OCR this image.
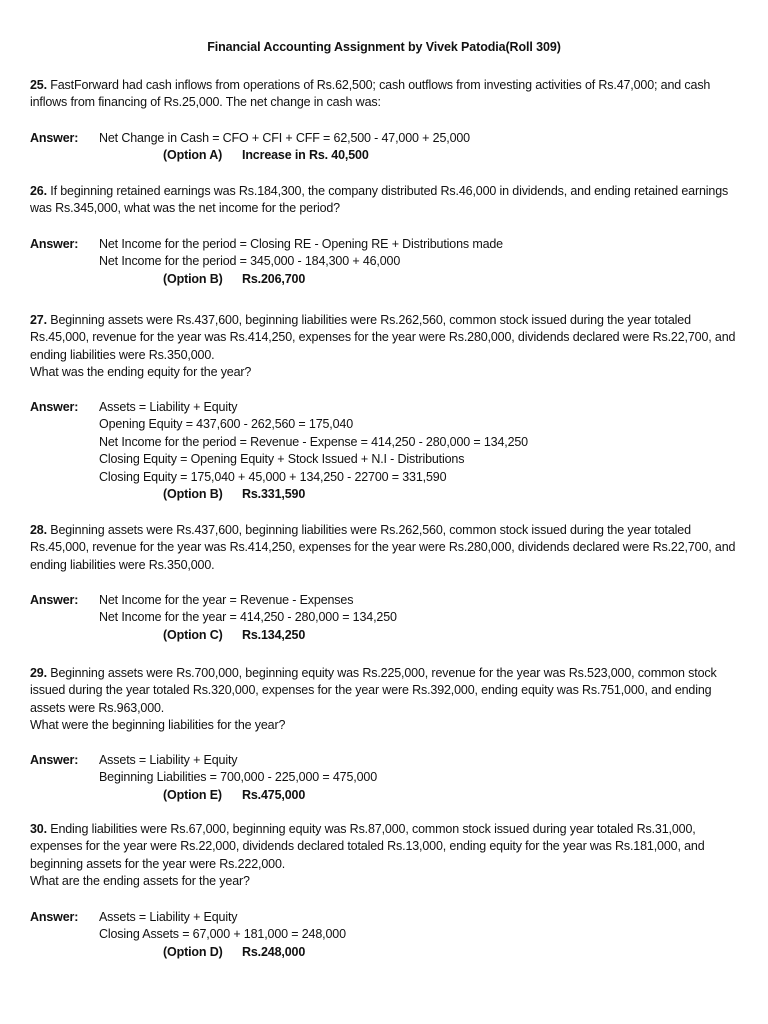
Financial Accounting Assignment by Vivek Patodia(Roll 309)
25. FastForward had cash inflows from operations of Rs.62,500; cash outflows from investing activities of Rs.47,000; and cash inflows from financing of Rs.25,000. The net change in cash was:
Answer: Net Change in Cash = CFO + CFI + CFF = 62,500 - 47,000 + 25,000
(Option A) Increase in Rs. 40,500
26. If beginning retained earnings was Rs.184,300, the company distributed Rs.46,000 in dividends, and ending retained earnings was Rs.345,000, what was the net income for the period?
Answer: Net Income for the period = Closing RE - Opening RE + Distributions made
Net Income for the period = 345,000 - 184,300 + 46,000
(Option B) Rs.206,700
27. Beginning assets were Rs.437,600, beginning liabilities were Rs.262,560, common stock issued during the year totaled Rs.45,000, revenue for the year was Rs.414,250, expenses for the year were Rs.280,000, dividends declared were Rs.22,700, and ending liabilities were Rs.350,000.
What was the ending equity for the year?
Answer: Assets = Liability + Equity
Opening Equity = 437,600 - 262,560 = 175,040
Net Income for the period = Revenue - Expense = 414,250 - 280,000 = 134,250
Closing Equity = Opening Equity + Stock Issued + N.I - Distributions
Closing Equity = 175,040 + 45,000 + 134,250 - 22700 = 331,590
(Option B) Rs.331,590
28. Beginning assets were Rs.437,600, beginning liabilities were Rs.262,560, common stock issued during the year totaled Rs.45,000, revenue for the year was Rs.414,250, expenses for the year were Rs.280,000, dividends declared were Rs.22,700, and ending liabilities were Rs.350,000.
Answer: Net Income for the year = Revenue - Expenses
Net Income for the year = 414,250 - 280,000 = 134,250
(Option C) Rs.134,250
29. Beginning assets were Rs.700,000, beginning equity was Rs.225,000, revenue for the year was Rs.523,000, common stock issued during the year totaled Rs.320,000, expenses for the year were Rs.392,000, ending equity was Rs.751,000, and ending assets were Rs.963,000.
What were the beginning liabilities for the year?
Answer: Assets = Liability + Equity
Beginning Liabilities = 700,000 - 225,000 = 475,000
(Option E) Rs.475,000
30. Ending liabilities were Rs.67,000, beginning equity was Rs.87,000, common stock issued during year totaled Rs.31,000, expenses for the year were Rs.22,000, dividends declared totaled Rs.13,000, ending equity for the year was Rs.181,000, and beginning assets for the year were Rs.222,000.
What are the ending assets for the year?
Answer: Assets = Liability + Equity
Closing Assets = 67,000 + 181,000 = 248,000
(Option D) Rs.248,000
